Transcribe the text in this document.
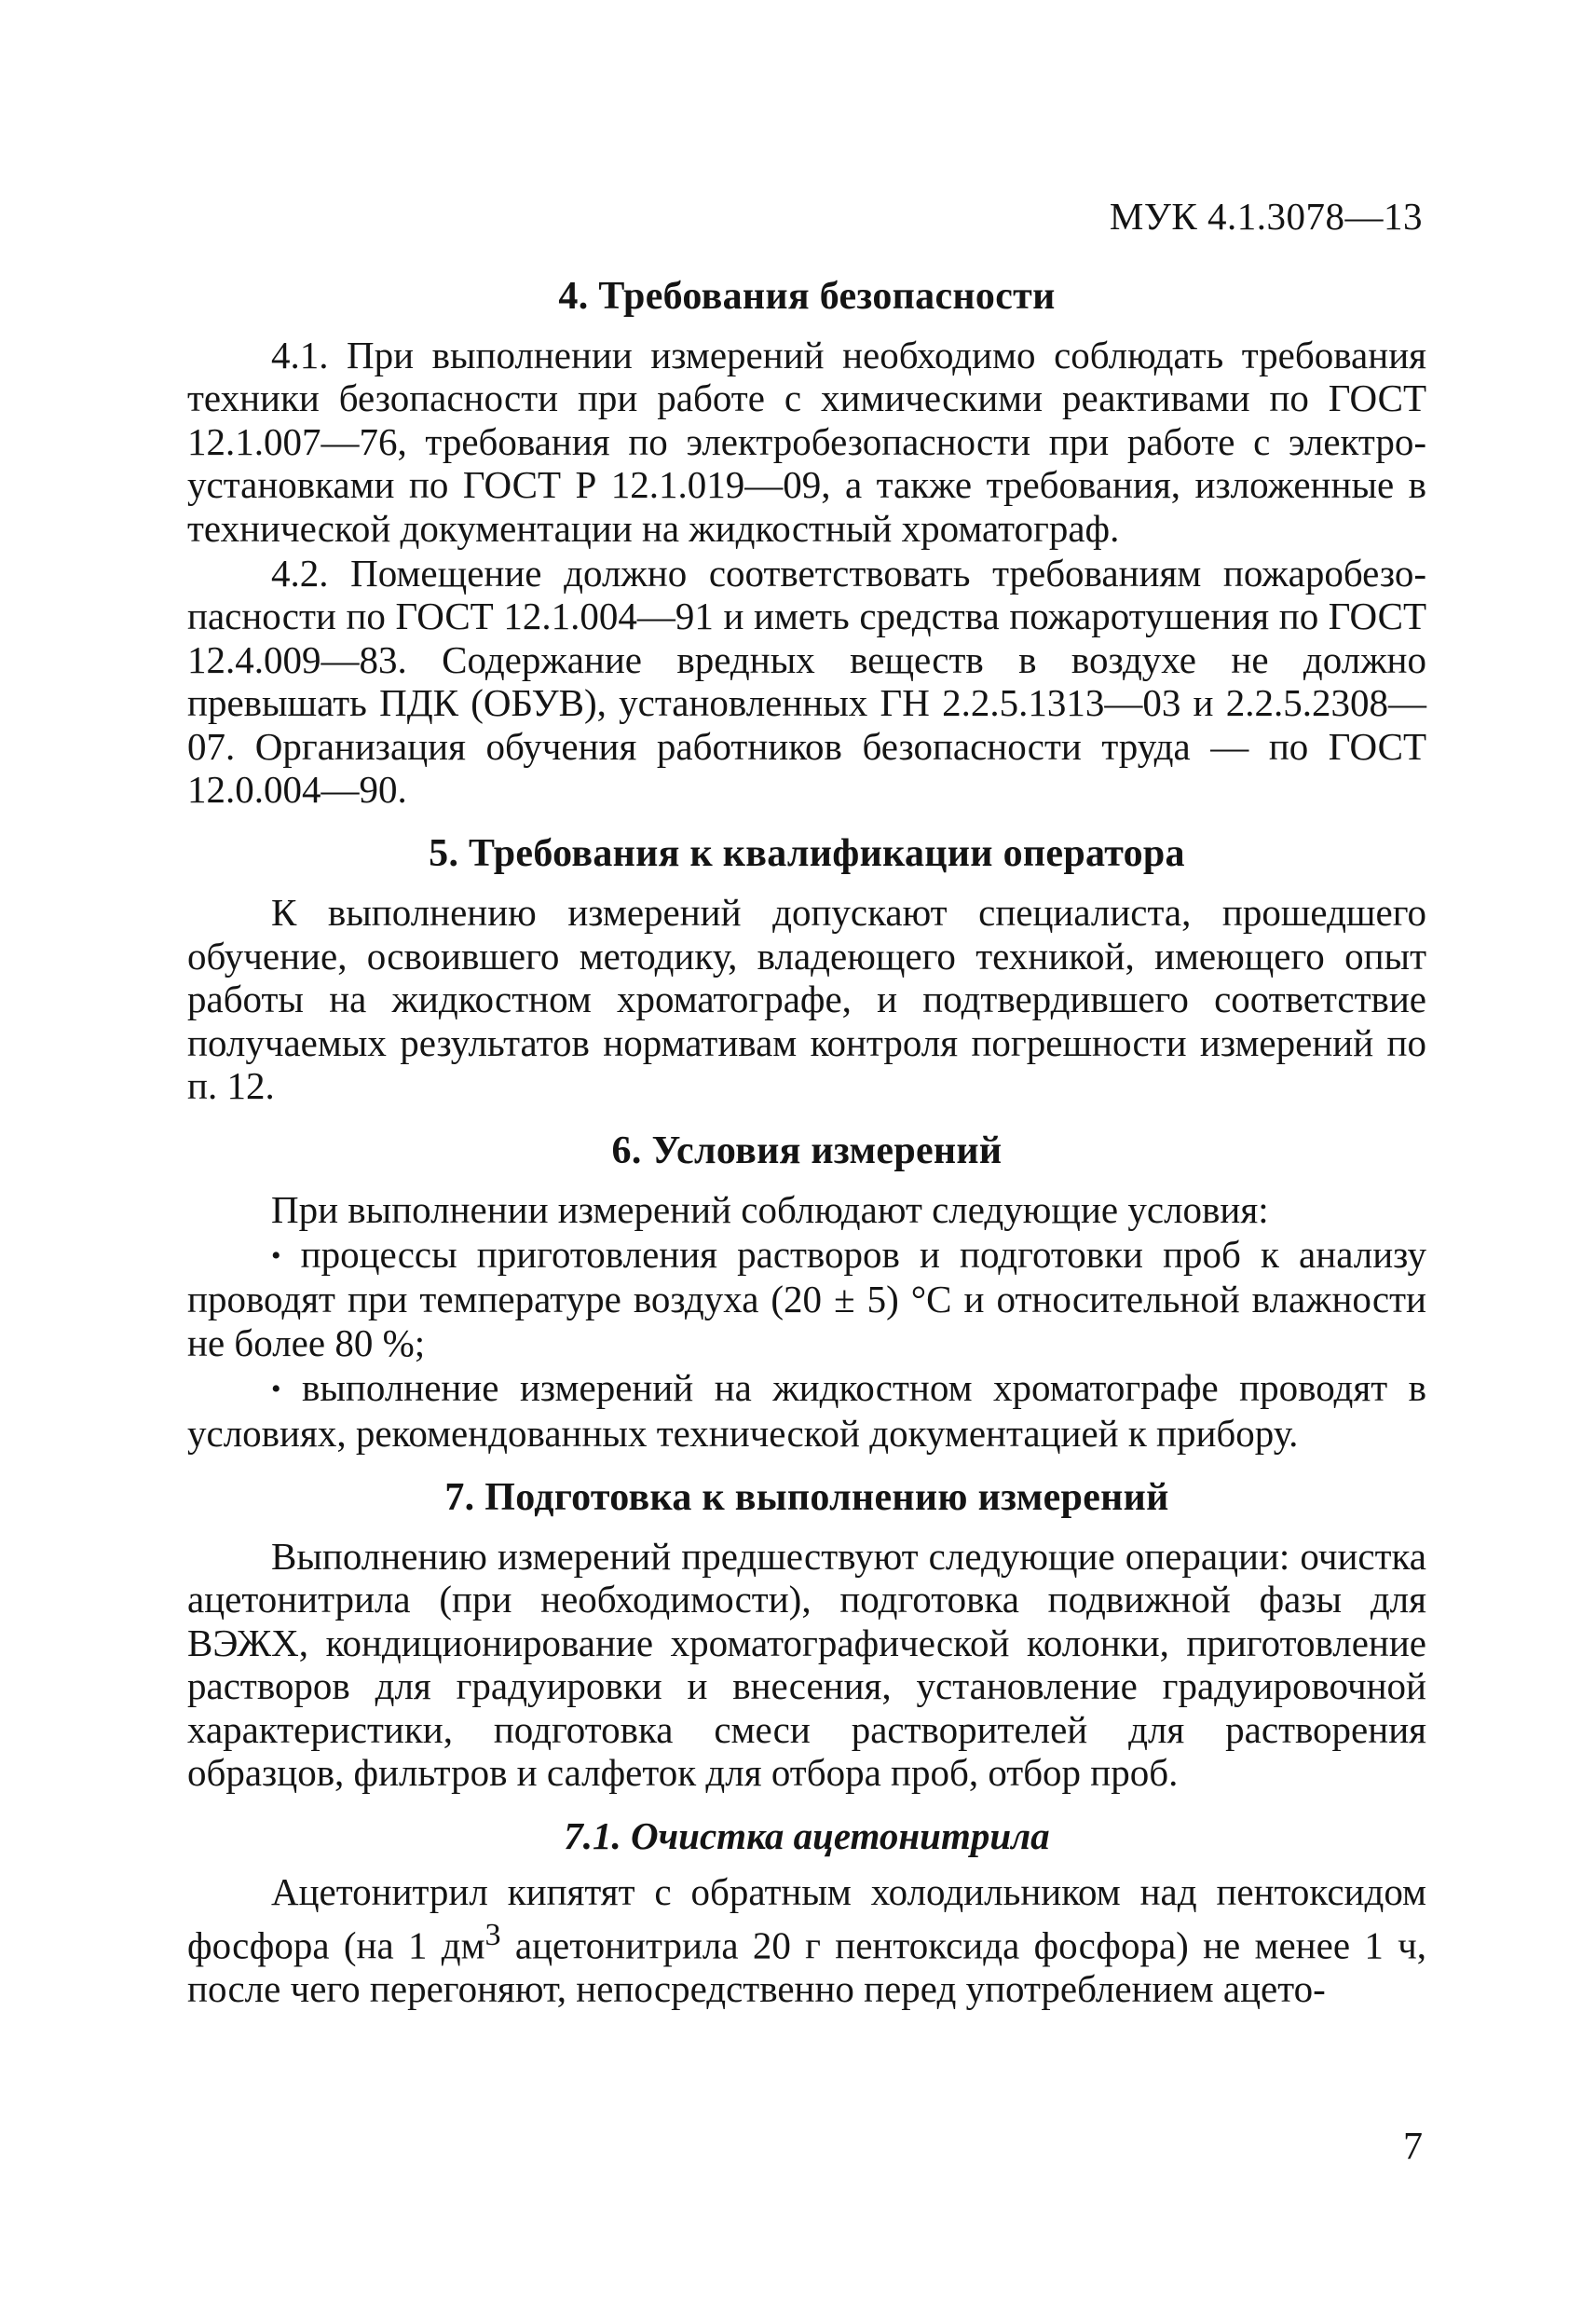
МУК 4.1.3078—13
4. Требования безопасности

4.1. При выполнении измерений необходимо соблюдать требования техники безопасности при работе с химическими реактивами по ГОСТ 12.1.007—76, требования по электробезопасности при работе с электроустановками по ГОСТ Р 12.1.019—09, а также требования, изложенные в технической документации на жидкостный хроматограф.

4.2. Помещение должно соответствовать требованиям пожаробезопасности по ГОСТ 12.1.004—91 и иметь средства пожаротушения по ГОСТ 12.4.009—83. Содержание вредных веществ в воздухе не должно превышать ПДК (ОБУВ), установленных ГН 2.2.5.1313—03 и 2.2.5.2308—07. Организация обучения работников безопасности труда — по ГОСТ 12.0.004—90.

5. Требования к квалификации оператора

К выполнению измерений допускают специалиста, прошедшего обучение, освоившего методику, владеющего техникой, имеющего опыт работы на жидкостном хроматографе, и подтвердившего соответствие получаемых результатов нормативам контроля погрешности измерений по п. 12.

6. Условия измерений

При выполнении измерений соблюдают следующие условия:

• процессы приготовления растворов и подготовки проб к анализу проводят при температуре воздуха (20 ± 5) °С и относительной влажности не более 80 %;

• выполнение измерений на жидкостном хроматографе проводят в условиях, рекомендованных технической документацией к прибору.

7. Подготовка к выполнению измерений

Выполнению измерений предшествуют следующие операции: очистка ацетонитрила (при необходимости), подготовка подвижной фазы для ВЭЖХ, кондиционирование хроматографической колонки, приготовление растворов для градуировки и внесения, установление градуировочной характеристики, подготовка смеси растворителей для растворения образцов, фильтров и салфеток для отбора проб, отбор проб.

7.1. Очистка ацетонитрила

Ацетонитрил кипятят с обратным холодильником над пентоксидом фосфора (на 1 $дм^3$ ацетонитрила 20 г пентоксида фосфора) не менее 1 ч, после чего перегоняют, непосредственно перед употреблением ацето-

7
